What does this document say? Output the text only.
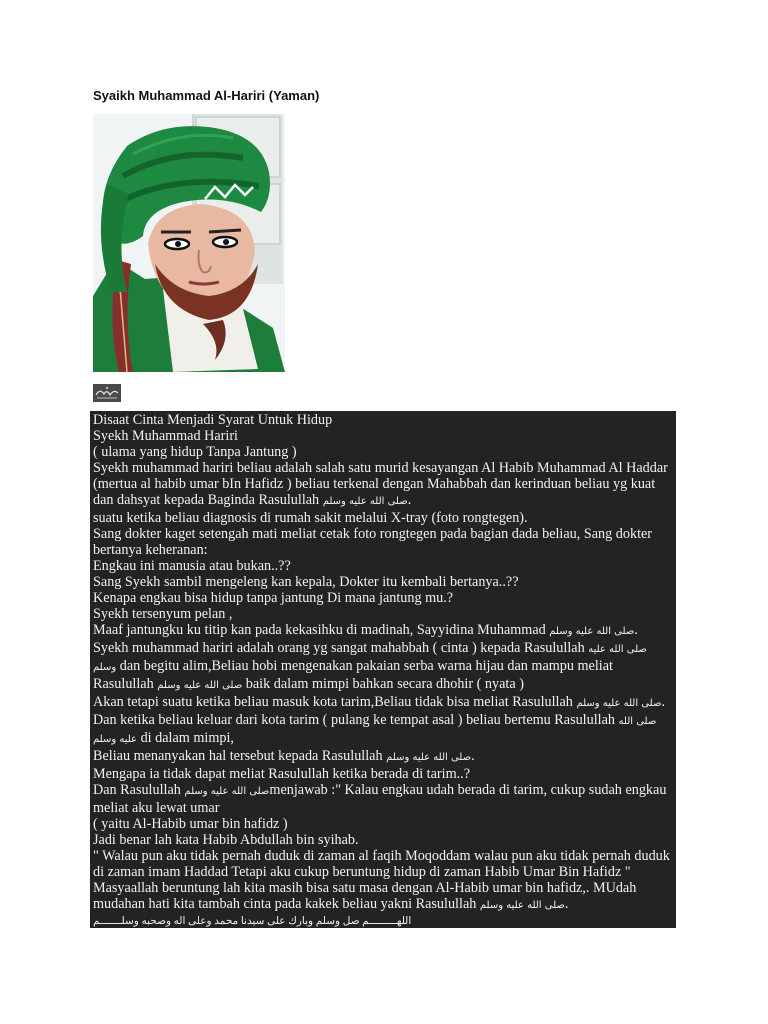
Syaikh Muhammad Al-Hariri (Yaman)

Disaat Cinta Menjadi Syarat Untuk Hidup

Syekh Muhammad Hariri

( ulama yang hidup Tanpa Jantung )

Syekh muhammad hariri beliau adalah salah satu murid kesayangan Al Habib Muhammad Al Haddar (mertua al habib umar bIn Hafidz ) beliau terkenal dengan Mahabbah dan kerinduan beliau yg kuat dan dahsyat kepada Baginda Rasulullah صلى الله عليه وسلم.

suatu ketika beliau diagnosis di rumah sakit melalui X-tray (foto rongtegen).

Sang dokter kaget setengah mati meliat cetak foto rongtegen pada bagian dada beliau, Sang dokter bertanya keheranan:

Engkau ini manusia atau bukan..??

Sang Syekh sambil mengeleng kan kepala, Dokter itu kembali bertanya..??

Kenapa engkau bisa hidup tanpa jantung Di mana jantung mu.?

Syekh tersenyum pelan ,

Maaf jantungku ku titip kan pada kekasihku di madinah, Sayyidina Muhammad صلى الله عليه وسلم.

Syekh muhammad hariri adalah orang yg sangat mahabbah ( cinta ) kepada Rasulullah صلى الله عليه وسلم dan begitu alim,Beliau hobi mengenakan pakaian serba warna hijau dan mampu meliat Rasulullah صلى الله عليه وسلم baik dalam mimpi bahkan secara dhohir ( nyata )

Akan tetapi suatu ketika beliau masuk kota tarim,Beliau tidak bisa meliat Rasulullah صلى الله عليه وسلم. Dan ketika beliau keluar dari kota tarim ( pulang ke tempat asal ) beliau bertemu Rasulullah صلى الله عليه وسلم di dalam mimpi,

Beliau menanyakan hal tersebut kepada Rasulullah صلى الله عليه وسلم.

Mengapa ia tidak dapat meliat Rasulullah ketika berada di tarim..?

Dan Rasulullah صلى الله عليه وسلمmenjawab :" Kalau engkau udah berada di tarim, cukup sudah engkau meliat aku lewat umar

( yaitu Al-Habib umar bin hafidz )

Jadi benar lah kata Habib Abdullah bin syihab.

" Walau pun aku tidak pernah duduk di zaman al faqih Moqoddam walau pun aku tidak pernah duduk di zaman imam Haddad Tetapi aku cukup beruntung hidup di zaman Habib Umar Bin Hafidz "

Masyaallah beruntung lah kita masih bisa satu masa dengan Al-Habib umar bin hafidz,. MUdah mudahan hati kita tambah cinta pada kakek beliau yakni Rasulullah صلى الله عليه وسلم.

اللهـــــــــم صل وسلم وبارك على سيدنا محمد وعلى اله وصحبه وسلـــــــم
